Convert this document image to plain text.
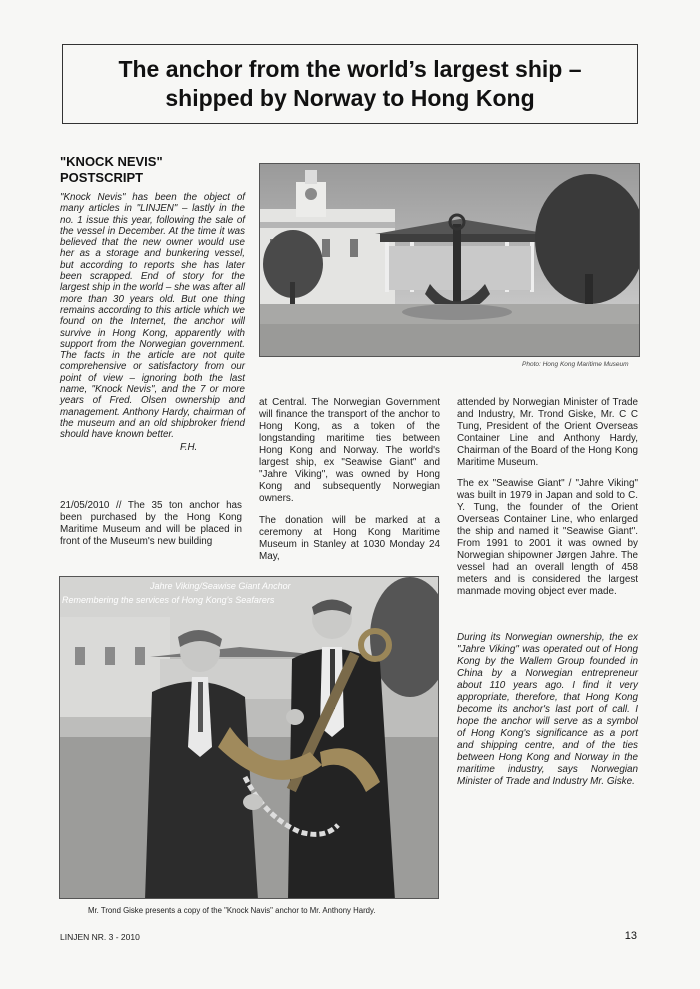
The anchor from the world’s largest ship –
shipped by Norway to Hong Kong
"KNOCK NEVIS"
POSTSCRIPT

"Knock Nevis" has been the object of many articles in "LINJEN" – lastly in the no. 1 issue this year, following the sale of the vessel in December. At the time it was believed that the new owner would use her as a storage and bunkering vessel, but according to reports she has later been scrapped. End of story for the largest ship in the world – she was after all more than 30 years old. But one thing remains according to this article which we found on the Internet, the anchor will survive in Hong Kong, apparently with support from the Norwegian government. The facts in the article are not quite comprehensive or satisfactory from our point of view – ignoring both the last name, "Knock Nevis", and the 7 or more years of Fred. Olsen ownership and management. Anthony Hardy, chairman of the museum and an old shipbroker friend should have known better.

F.H.
Photo: Hong Kong Maritime Museum

21/05/2010 // The 35 ton anchor has been purchased by the Hong Kong Maritime Museum and will be placed in front of the Museum's new building

at Central. The Norwegian Government will finance the transport of the anchor to Hong Kong, as a token of the longstanding maritime ties between Hong Kong and Norway. The world's largest ship, ex "Seawise Giant" and "Jahre Viking", was owned by Hong Kong and subsequently Norwegian owners.

The donation will be marked at a ceremony at Hong Kong Maritime Museum in Stanley at 1030 Monday 24 May,

attended by Norwegian Minister of Trade and Industry, Mr. Trond Giske, Mr. C C Tung, President of the Orient Overseas Container Line and Anthony Hardy, Chairman of the Board of the Hong Kong Maritime Museum.

The ex "Seawise Giant" / "Jahre Viking" was built in 1979 in Japan and sold to C. Y. Tung, the founder of the Orient Overseas Container Line, who enlarged the ship and named it "Seawise Giant". From 1991 to 2001 it was owned by Norwegian shipowner Jørgen Jahre. The vessel had an overall length of 458 meters and is considered the largest manmade moving object ever made.

During its Norwegian ownership, the ex "Jahre Viking" was operated out of Hong Kong by the Wallem Group founded in China by a Norwegian entrepreneur about 110 years ago. I find it very appropriate, therefore, that Hong Kong become its anchor's last port of call. I hope the anchor will serve as a symbol of Hong Kong's significance as a port and shipping centre, and of the ties between Hong Kong and Norway in the maritime industry, says Norwegian Minister of Trade and Industry Mr. Giske.

Jahre Viking/Seawise Giant Anchor
Remembering the services of Hong Kong's Seafarers
Mr. Trond Giske presents a copy of the "Knock Navis" anchor to Mr. Anthony Hardy.
LINJEN NR. 3 - 2010	13
